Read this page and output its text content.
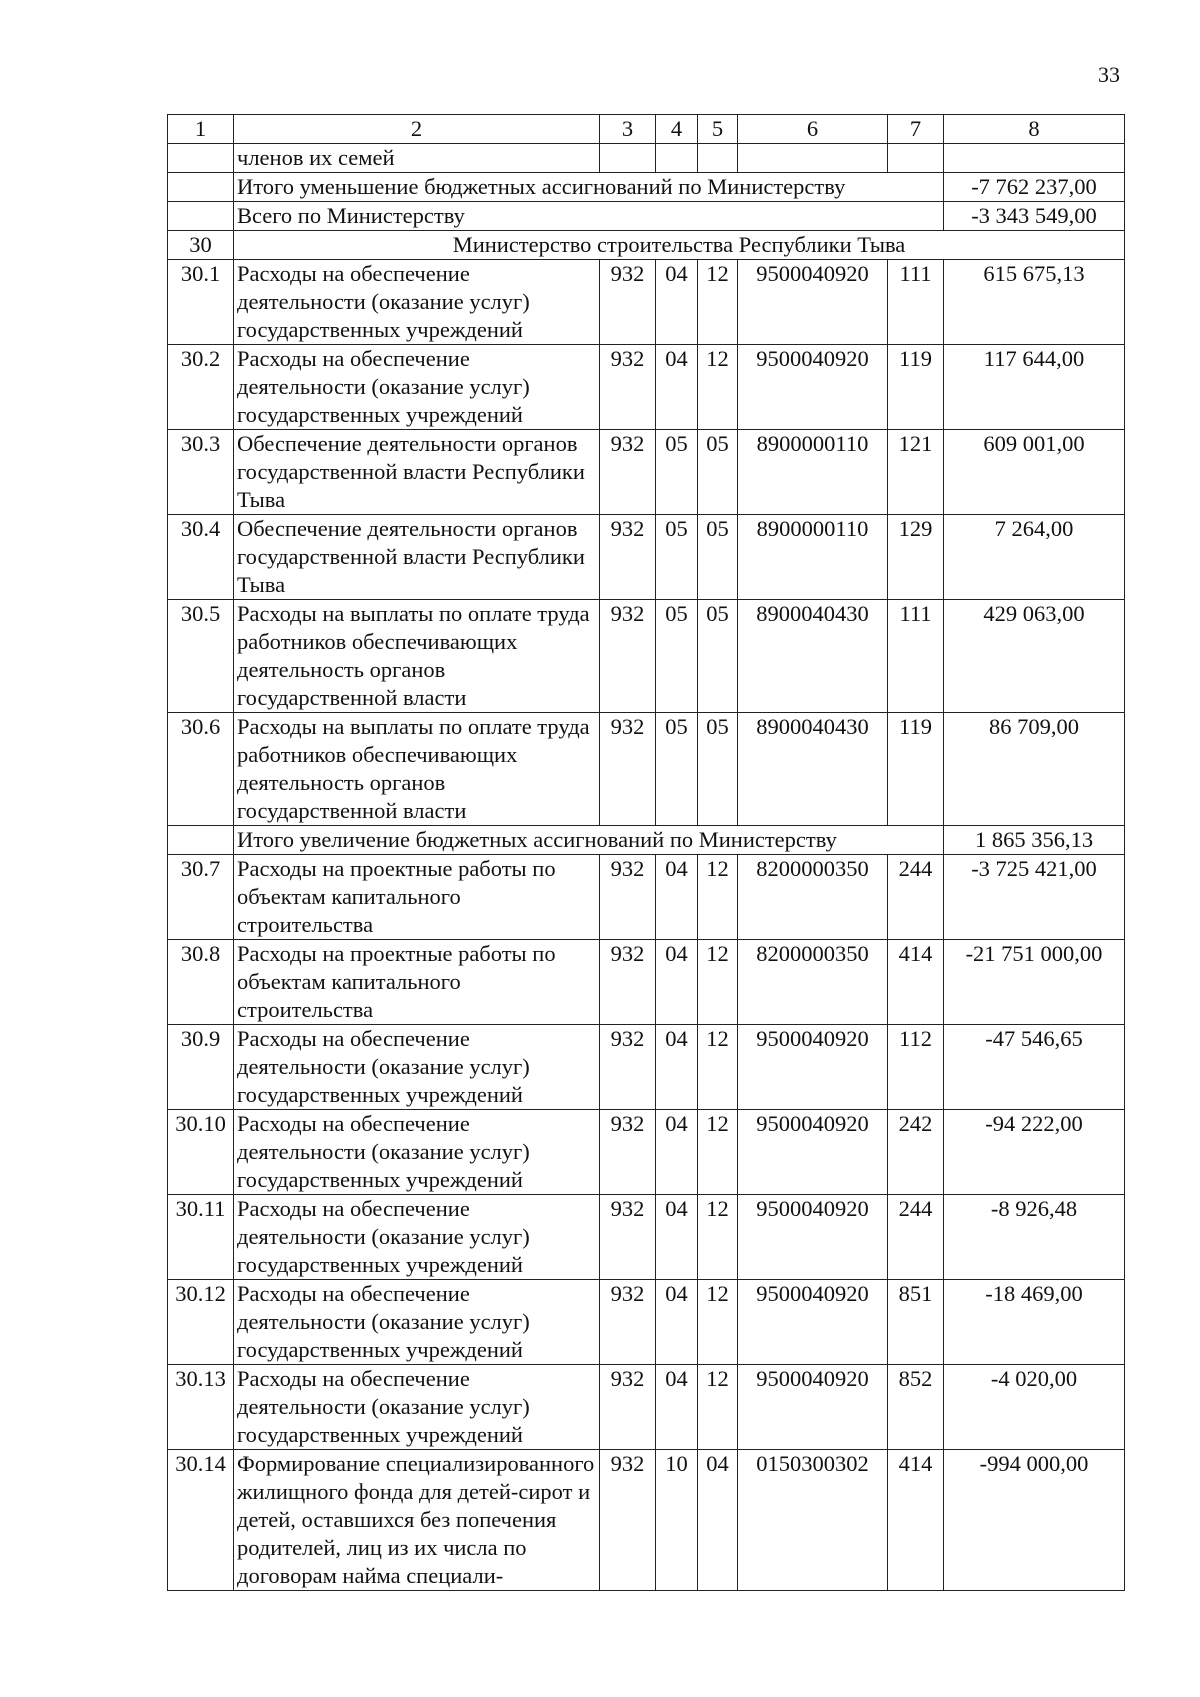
33
1	2	3	4	5	6	7	8
	членов их семей						
	Итого уменьшение бюджетных ассигнований по Министерству						-7 762 237,00
	Всего по Министерству						-3 343 549,00
30	Министерство строительства Республики Тыва						
30.1	Расходы на обеспечение деятельности (оказание услуг) государственных учреждений	932	04	12	9500040920	111	615 675,13
30.2	Расходы на обеспечение деятельности (оказание услуг) государственных учреждений	932	04	12	9500040920	119	117 644,00
30.3	Обеспечение деятельности органов государственной власти Республики Тыва	932	05	05	8900000110	121	609 001,00
30.4	Обеспечение деятельности органов государственной власти Республики Тыва	932	05	05	8900000110	129	7 264,00
30.5	Расходы на выплаты по оплате труда работников обеспечивающих деятельность органов государственной власти	932	05	05	8900040430	111	429 063,00
30.6	Расходы на выплаты по оплате труда работников обеспечивающих деятельность органов государственной власти	932	05	05	8900040430	119	86 709,00
	Итого увеличение бюджетных ассигнований по Министерству						1 865 356,13
30.7	Расходы на проектные работы по объектам капитального строительства	932	04	12	8200000350	244	-3 725 421,00
30.8	Расходы на проектные работы по объектам капитального строительства	932	04	12	8200000350	414	-21 751 000,00
30.9	Расходы на обеспечение деятельности (оказание услуг) государственных учреждений	932	04	12	9500040920	112	-47 546,65
30.10	Расходы на обеспечение деятельности (оказание услуг) государственных учреждений	932	04	12	9500040920	242	-94 222,00
30.11	Расходы на обеспечение деятельности (оказание услуг) государственных учреждений	932	04	12	9500040920	244	-8 926,48
30.12	Расходы на обеспечение деятельности (оказание услуг) государственных учреждений	932	04	12	9500040920	851	-18 469,00
30.13	Расходы на обеспечение деятельности (оказание услуг) государственных учреждений	932	04	12	9500040920	852	-4 020,00
30.14	Формирование специализированного жилищного фонда для детей-сирот и детей, оставшихся без попечения родителей, лиц из их числа по договорам найма специали-	932	10	04	0150300302	414	-994 000,00
